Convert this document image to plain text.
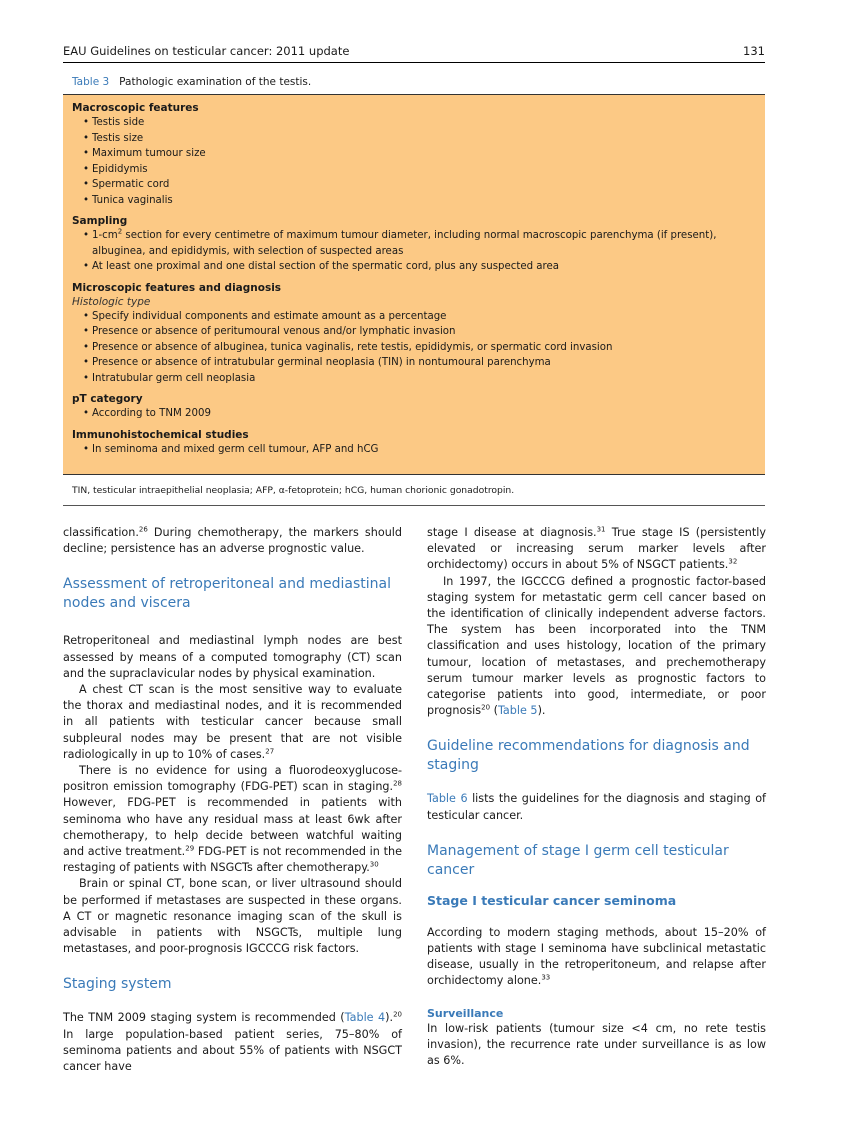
EAU Guidelines on testicular cancer: 2011 update	131
Table 3 Pathologic examination of the testis.
Macroscopic features
• Testis side
• Testis size
• Maximum tumour size
• Epididymis
• Spermatic cord
• Tunica vaginalis
Sampling
• $1-cm^2$ section for every centimetre of maximum tumour diameter, including normal macroscopic parenchyma (if present),
albuginea, and epididymis, with selection of suspected areas
• At least one proximal and one distal section of the spermatic cord, plus any suspected area
Microscopic features and diagnosis
Histologic type
• Specify individual components and estimate amount as a percentage
• Presence or absence of peritumoural venous and/or lymphatic invasion
• Presence or absence of albuginea, tunica vaginalis, rete testis, epididymis, or spermatic cord invasion
• Presence or absence of intratubular germinal neoplasia (TIN) in nontumoural parenchyma
• Intratubular germ cell neoplasia
pT category
• According to TNM 2009
Immunohistochemical studies
• In seminoma and mixed germ cell tumour, AFP and hCG
TIN, testicular intraepithelial neoplasia; AFP, α-fetoprotein; hCG, human chorionic gonadotropin.

classification.$^{26}$ During chemotherapy, the markers should decline; persistence has an adverse prognostic value.

Assessment of retroperitoneal and mediastinal nodes and viscera

Retroperitoneal and mediastinal lymph nodes are best assessed by means of a computed tomography (CT) scan and the supraclavicular nodes by physical examination.

A chest CT scan is the most sensitive way to evaluate the thorax and mediastinal nodes, and it is recommended in all patients with testicular cancer because small subpleural nodes may be present that are not visible radiologically in up to 10% of cases.$^{27}$

There is no evidence for using a fluorodeoxyglucose-positron emission tomography (FDG-PET) scan in staging.$^{28}$ However, FDG-PET is recommended in patients with seminoma who have any residual mass at least 6wk after chemotherapy, to help decide between watchful waiting and active treatment.$^{29}$ FDG-PET is not recommended in the restaging of patients with NSGCTs after chemotherapy.$^{30}$

Brain or spinal CT, bone scan, or liver ultrasound should be performed if metastases are suspected in these organs. A CT or magnetic resonance imaging scan of the skull is advisable in patients with NSGCTs, multiple lung metastases, and poor-prognosis IGCCCG risk factors.

Staging system

The TNM 2009 staging system is recommended (Table 4).$^{20}$ In large population-based patient series, 75–80% of seminoma patients and about 55% of patients with NSGCT cancer have

stage I disease at diagnosis.$^{31}$ True stage IS (persistently elevated or increasing serum marker levels after orchidectomy) occurs in about 5% of NSGCT patients.$^{32}$

In 1997, the IGCCCG defined a prognostic factor-based staging system for metastatic germ cell cancer based on the identification of clinically independent adverse factors. The system has been incorporated into the TNM classification and uses histology, location of the primary tumour, location of metastases, and prechemotherapy serum tumour marker levels as prognostic factors to categorise patients into good, intermediate, or poor prognosis$^{20}$ (Table 5).

Guideline recommendations for diagnosis and staging

Table 6 lists the guidelines for the diagnosis and staging of testicular cancer.

Management of stage I germ cell testicular cancer
Stage I testicular cancer seminoma

According to modern staging methods, about 15–20% of patients with stage I seminoma have subclinical metastatic disease, usually in the retroperitoneum, and relapse after orchidectomy alone.$^{33}$

Surveillance

In low-risk patients (tumour size <4 cm, no rete testis invasion), the recurrence rate under surveillance is as low as 6%.
